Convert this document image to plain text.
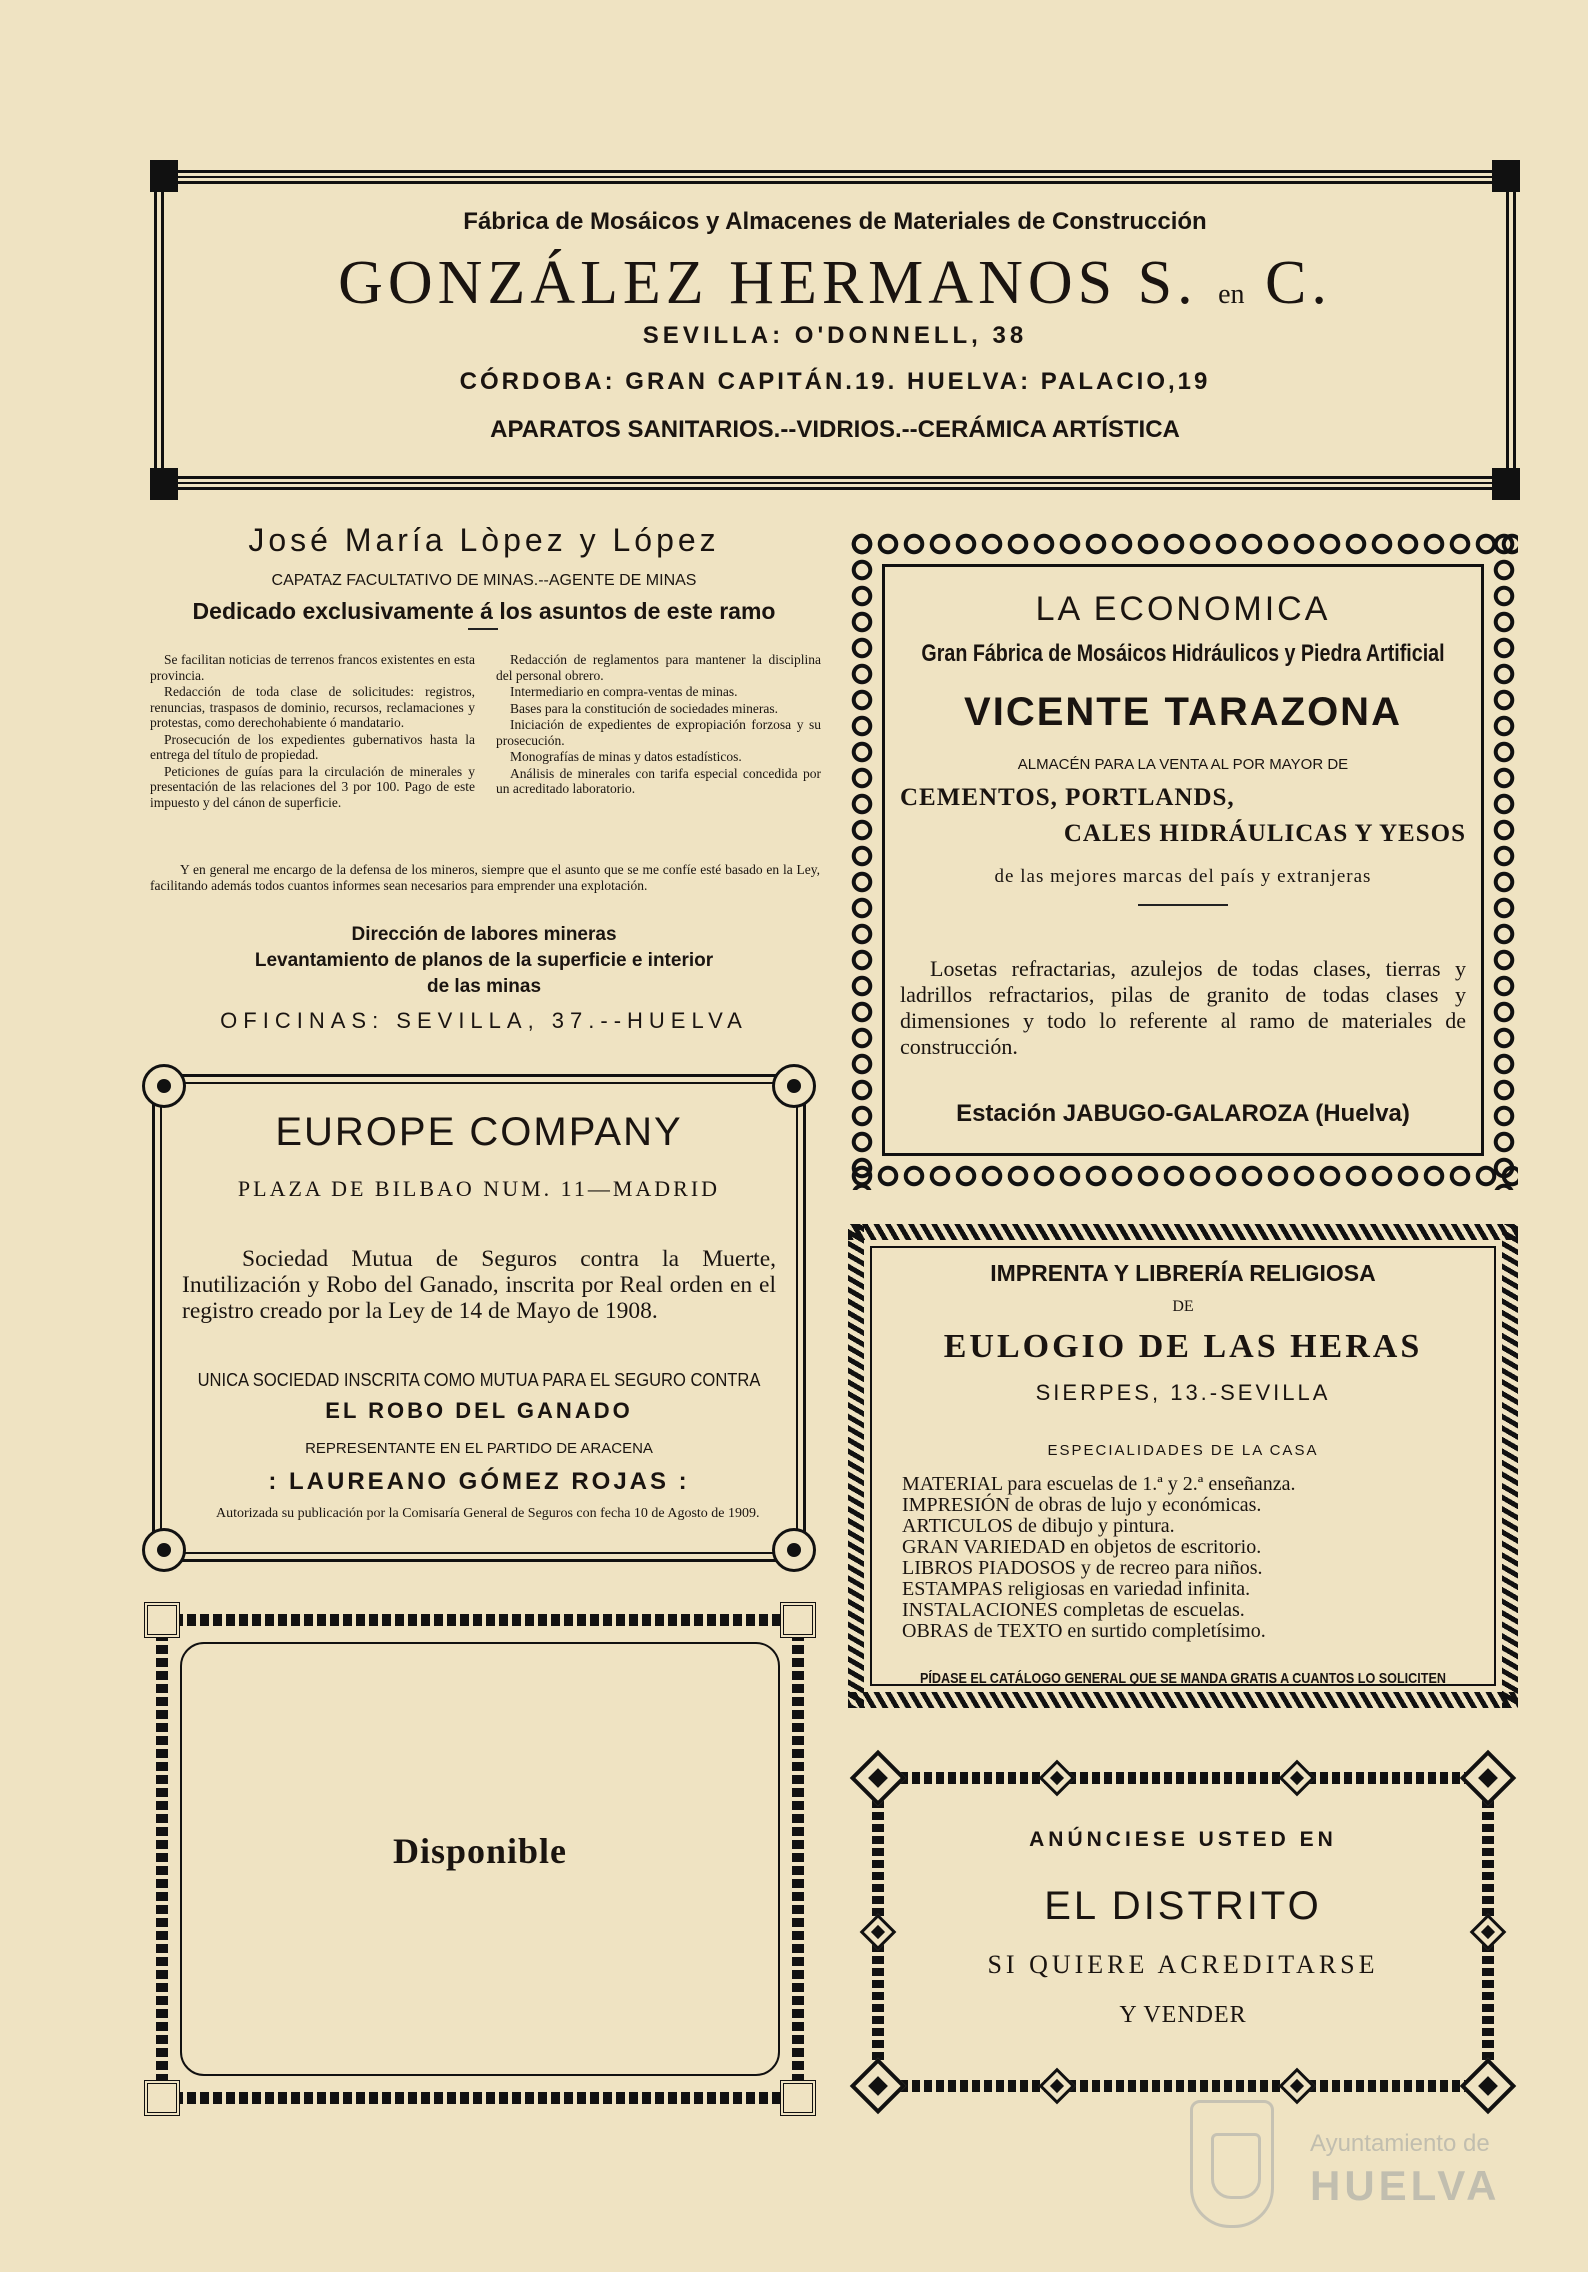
Fábrica de Mosáicos y Almacenes de Materiales de Construcción
GONZÁLEZ HERMANOS S. en C.
SEVILLA: O'DONNELL, 38
CÓRDOBA: GRAN CAPITÁN.19. HUELVA: PALACIO,19
APARATOS SANITARIOS.--VIDRIOS.--CERÁMICA ARTÍSTICA
José María Lòpez y López
CAPATAZ FACULTATIVO DE MINAS.--AGENTE DE MINAS
Dedicado exclusivamente á los asuntos de este ramo

Se facilitan noticias de terrenos francos existentes en esta provincia.

Redacción de toda clase de solicitudes: registros, renuncias, traspasos de dominio, recursos, reclamaciones y protestas, como derechohabiente ó mandatario.

Prosecución de los expedientes gubernativos hasta la entrega del título de propiedad.

Peticiones de guías para la circulación de minerales y presentación de las relaciones del 3 por 100. Pago de este impuesto y del cánon de superficie.

Redacción de reglamentos para mantener la disciplina del personal obrero.

Intermediario en compra-ventas de minas.

Bases para la constitución de sociedades mineras.

Iniciación de expedientes de expropiación forzosa y su prosecución.

Monografías de minas y datos estadísticos.

Análisis de minerales con tarifa especial concedida por un acreditado laboratorio.

Y en general me encargo de la defensa de los mineros, siempre que el asunto que se me confíe esté basado en la Ley, facilitando además todos cuantos informes sean necesarios para emprender una explotación.
Dirección de labores mineras
Levantamiento de planos de la superficie e interior
de las minas
OFICINAS: SEVILLA, 37.--HUELVA
LA ECONOMICA
Gran Fábrica de Mosáicos Hidráulicos y Piedra Artificial
VICENTE TARAZONA
ALMACÉN PARA LA VENTA AL POR MAYOR DE
CEMENTOS, PORTLANDS,
CALES HIDRÁULICAS Y YESOS
de las mejores marcas del país y extranjeras
Losetas refractarias, azulejos de todas clases, tierras y ladrillos refractarios, pilas de granito de todas clases y dimensiones y todo lo referente al ramo de materiales de construcción.
Estación JABUGO-GALAROZA (Huelva)
EUROPE COMPANY
PLAZA DE BILBAO NUM. 11—MADRID
Sociedad Mutua de Seguros contra la Muerte, Inutilización y Robo del Ganado, inscrita por Real orden en el registro creado por la Ley de 14 de Mayo de 1908.
UNICA SOCIEDAD INSCRITA COMO MUTUA PARA EL SEGURO CONTRA
EL ROBO DEL GANADO
REPRESENTANTE EN EL PARTIDO DE ARACENA
: LAUREANO GÓMEZ ROJAS :
Autorizada su publicación por la Comisaría General de Seguros con fecha 10 de Agosto de 1909.
Disponible
IMPRENTA Y LIBRERÍA RELIGIOSA
DE
EULOGIO DE LAS HERAS
SIERPES, 13.-SEVILLA
ESPECIALIDADES DE LA CASA
MATERIAL para escuelas de 1.ª y 2.ª enseñanza.
IMPRESIÓN de obras de lujo y económicas.
ARTICULOS de dibujo y pintura.
GRAN VARIEDAD en objetos de escritorio.
LIBROS PIADOSOS y de recreo para niños.
ESTAMPAS religiosas en variedad infinita.
INSTALACIONES completas de escuelas.
OBRAS de TEXTO en surtido completísimo.
PÍDASE EL CATÁLOGO GENERAL QUE SE MANDA GRATIS A CUANTOS LO SOLICITEN
ANÚNCIESE USTED EN
EL DISTRITO
SI QUIERE ACREDITARSE
Y VENDER
Ayuntamiento de
HUELVA
